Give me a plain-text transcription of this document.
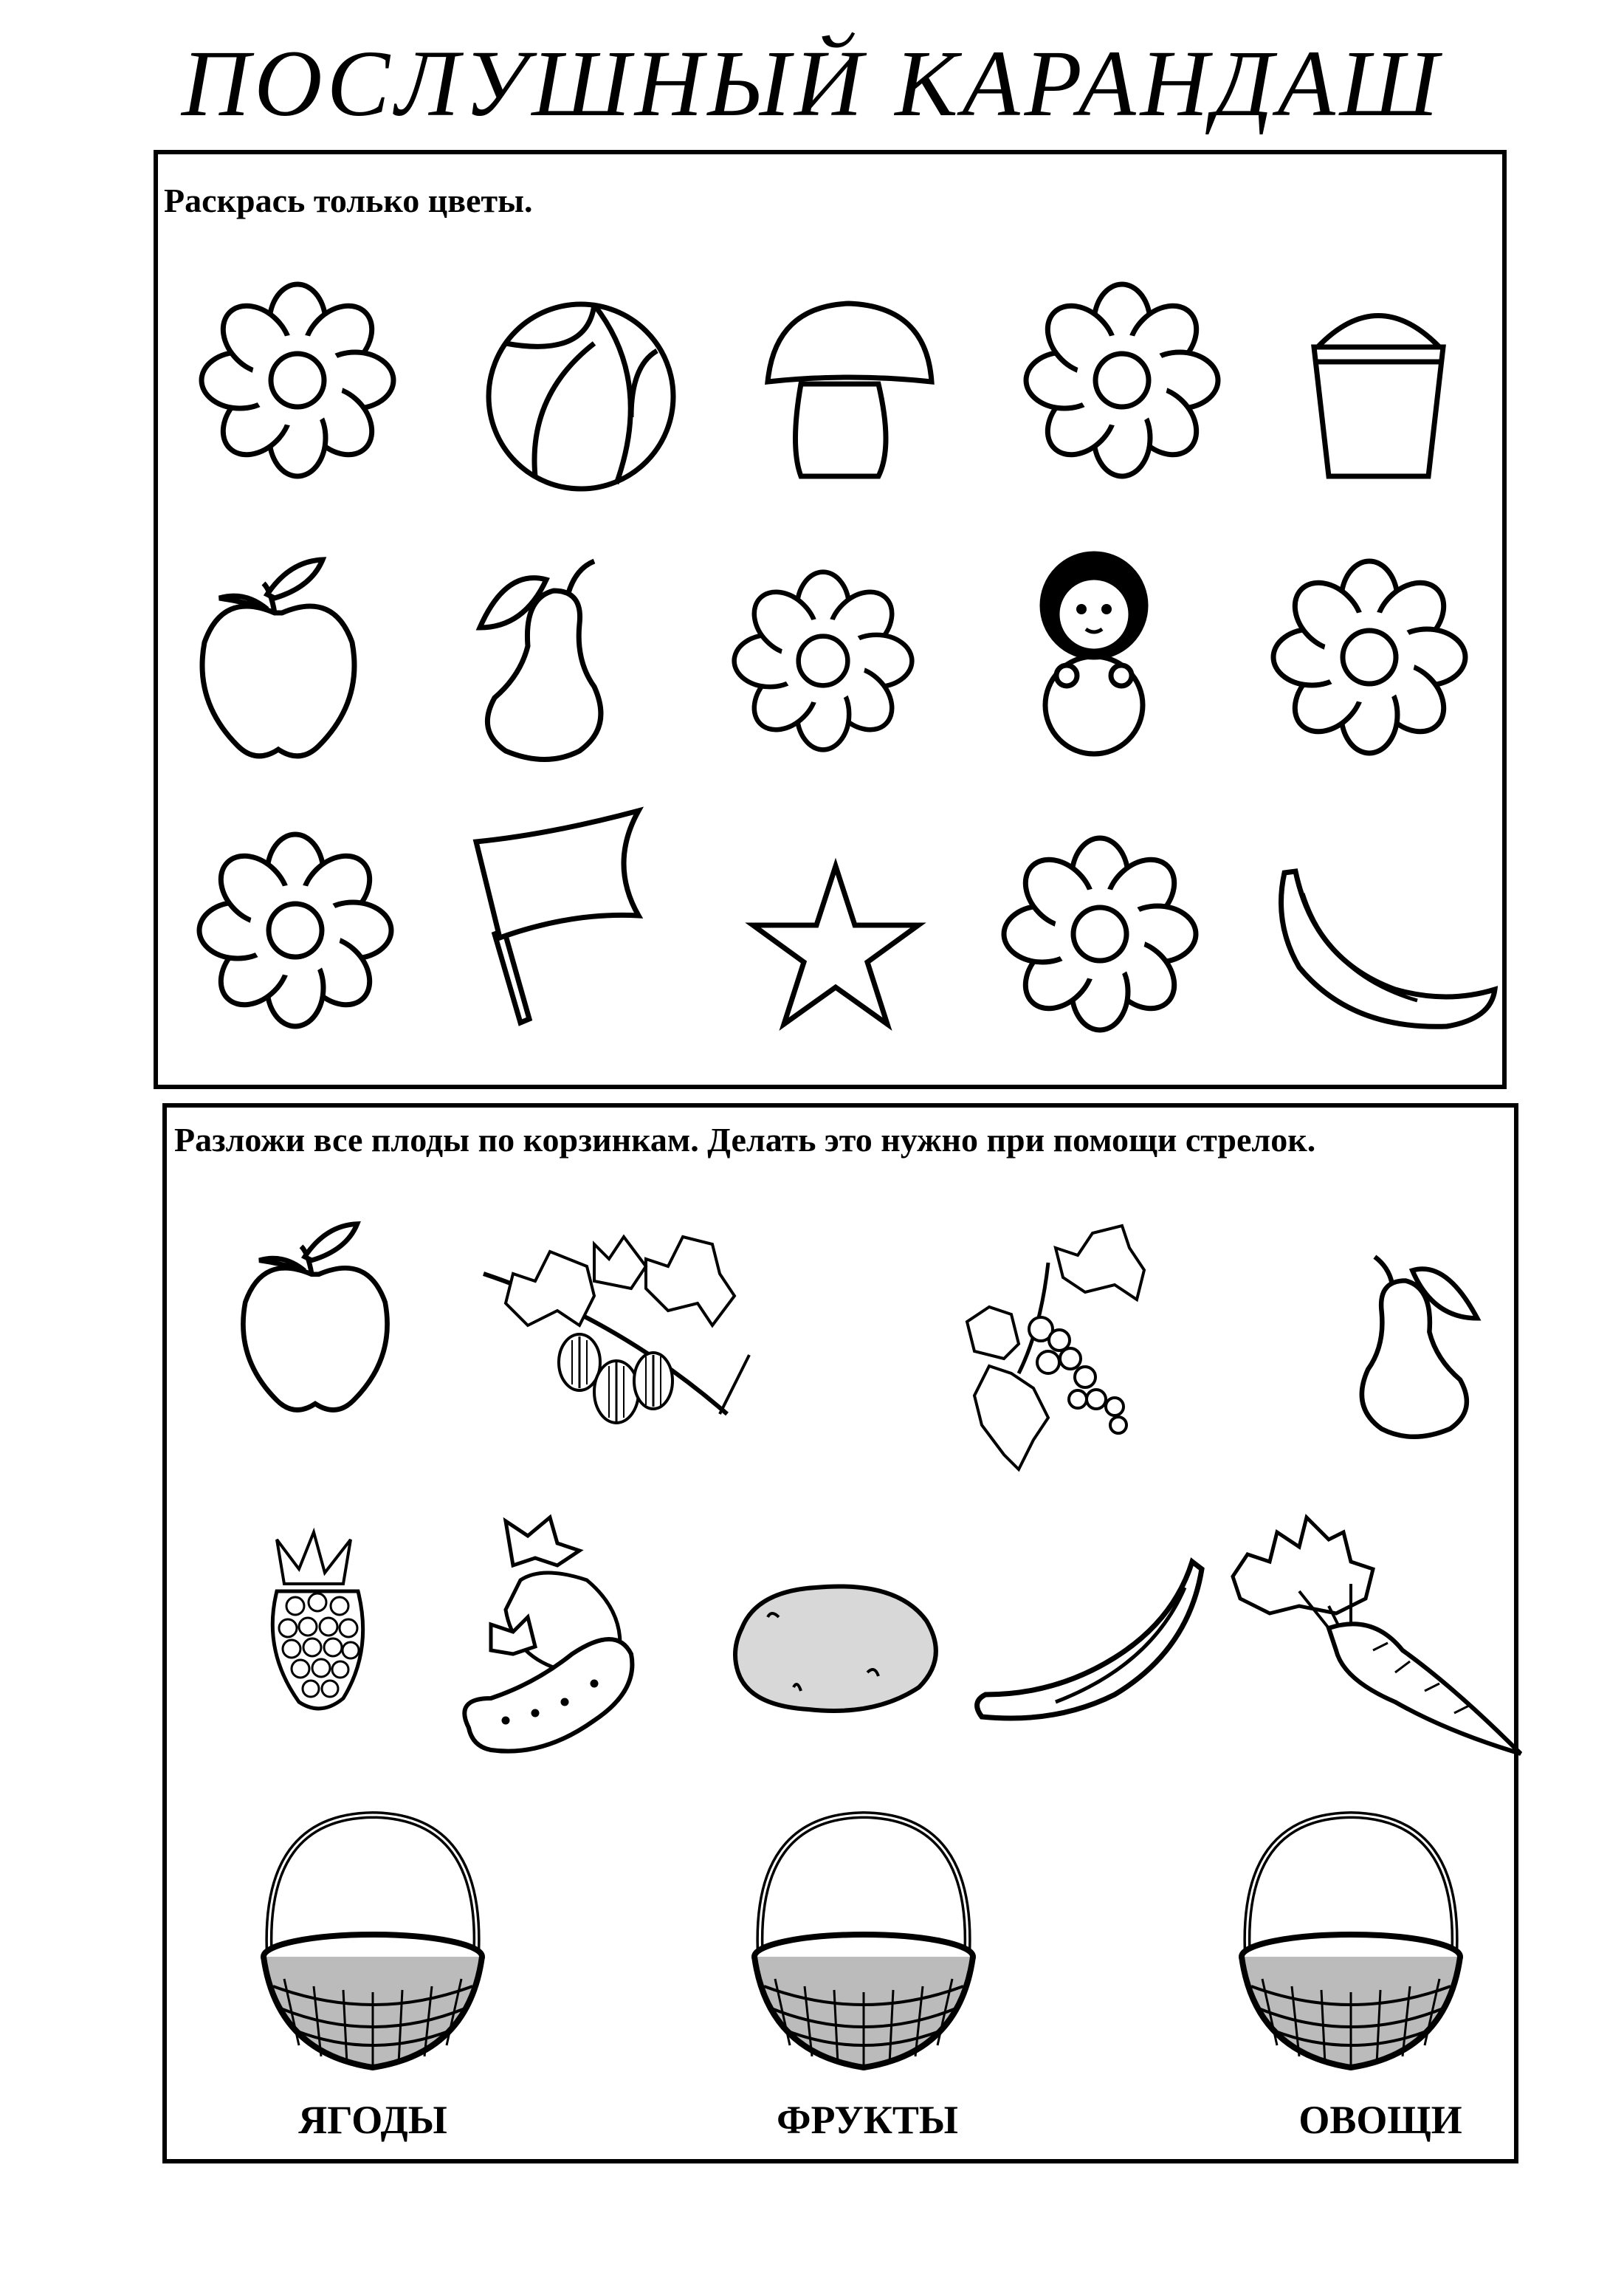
ПОСЛУШНЫЙ КАРАНДАШ
Раскрась только цветы.
Разложи все плоды по корзинкам. Делать это нужно при помощи стрелок.
ЯГОДЫ	ФРУКТЫ	ОВОЩИ
